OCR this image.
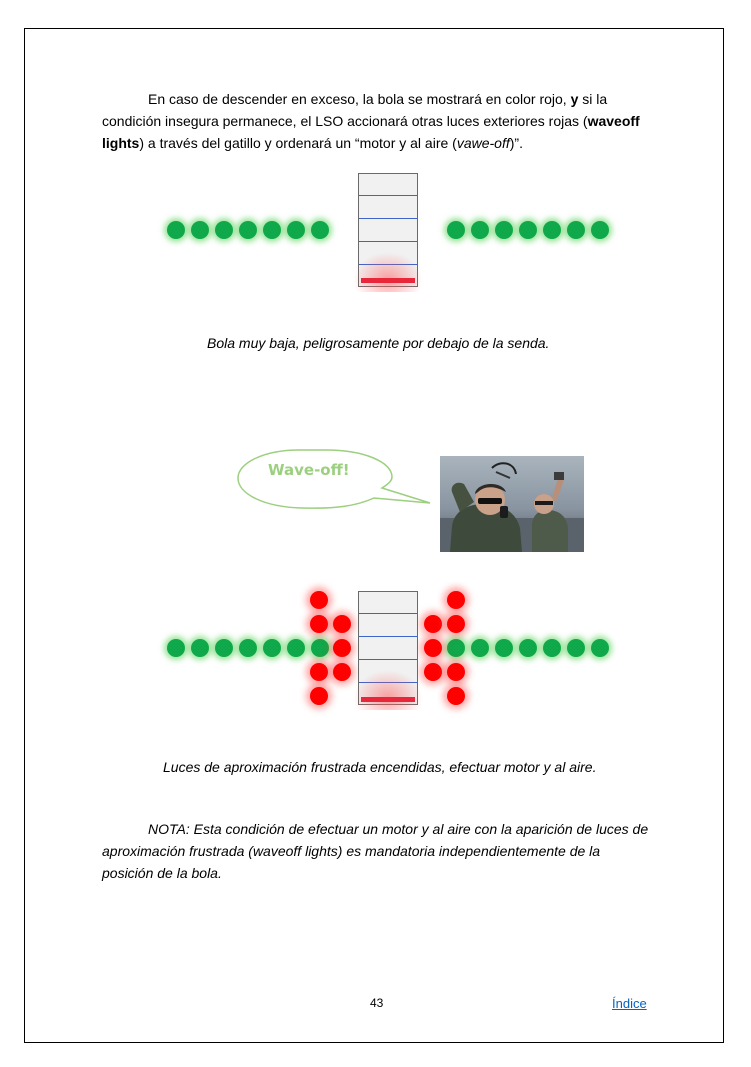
En caso de descender en exceso, la bola se mostrará en color rojo, y si la condición insegura permanece, el LSO accionará otras luces exteriores rojas (waveoff lights) a través del gatillo y ordenará un “motor y al aire (vawe-off)”.
Bola muy baja, peligrosamente por debajo de la senda.
Wave-off!
Luces de aproximación frustrada encendidas, efectuar motor y al aire.
NOTA: Esta condición de efectuar un motor y al aire con la aparición de luces de aproximación frustrada (waveoff lights) es mandatoria independientemente de la posición de la bola.
43	Índice
